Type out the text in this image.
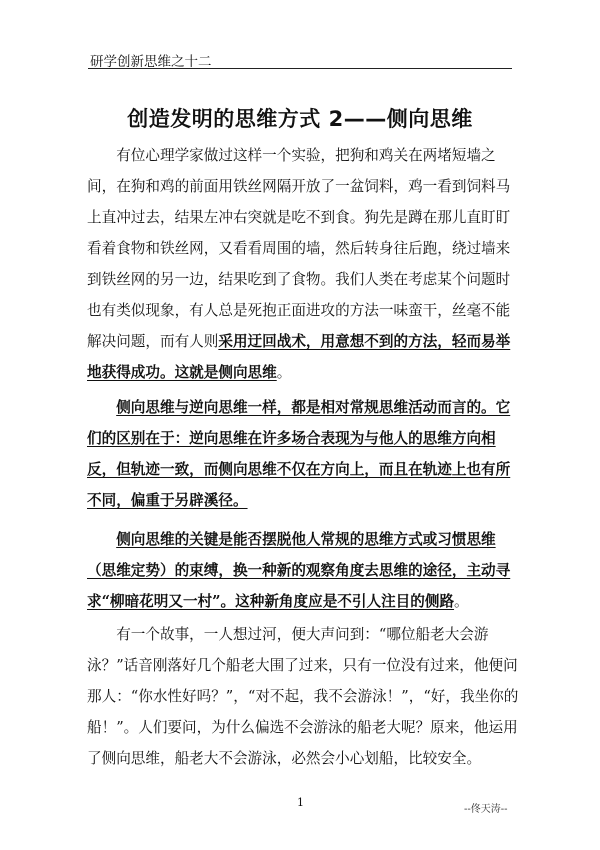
研学创新思维之十二
创造发明的思维方式 2——侧向思维

有位心理学家做过这样一个实验，把狗和鸡关在两堵短墙之间，在狗和鸡的前面用铁丝网隔开放了一盆饲料，鸡一看到饲料马上直冲过去，结果左冲右突就是吃不到食。狗先是蹲在那儿直盯盯看着食物和铁丝网，又看看周围的墙，然后转身往后跑，绕过墙来到铁丝网的另一边，结果吃到了食物。我们人类在考虑某个问题时也有类似现象，有人总是死抱正面进攻的方法一味蛮干，丝毫不能解决问题，而有人则采用迂回战术，用意想不到的方法，轻而易举地获得成功。这就是侧向思维。

侧向思维与逆向思维一样，都是相对常规思维活动而言的。它们的区别在于：逆向思维在许多场合表现为与他人的思维方向相反，但轨迹一致，而侧向思维不仅在方向上，而且在轨迹上也有所不同，偏重于另辟溪径。

侧向思维的关键是能否摆脱他人常规的思维方式或习惯思维（思维定势）的束缚，换一种新的观察角度去思维的途径，主动寻求“柳暗花明又一村”。这种新角度应是不引人注目的侧路。

有一个故事，一人想过河，便大声问到：“哪位船老大会游泳？”话音刚落好几个船老大围了过来，只有一位没有过来，他便问那人：“你水性好吗？”，“对不起，我不会游泳！”，“好，我坐你的船！”。人们要问，为什么偏选不会游泳的船老大呢？原来，他运用了侧向思维，船老大不会游泳，必然会小心划船，比较安全。

1
--佟天涛--
